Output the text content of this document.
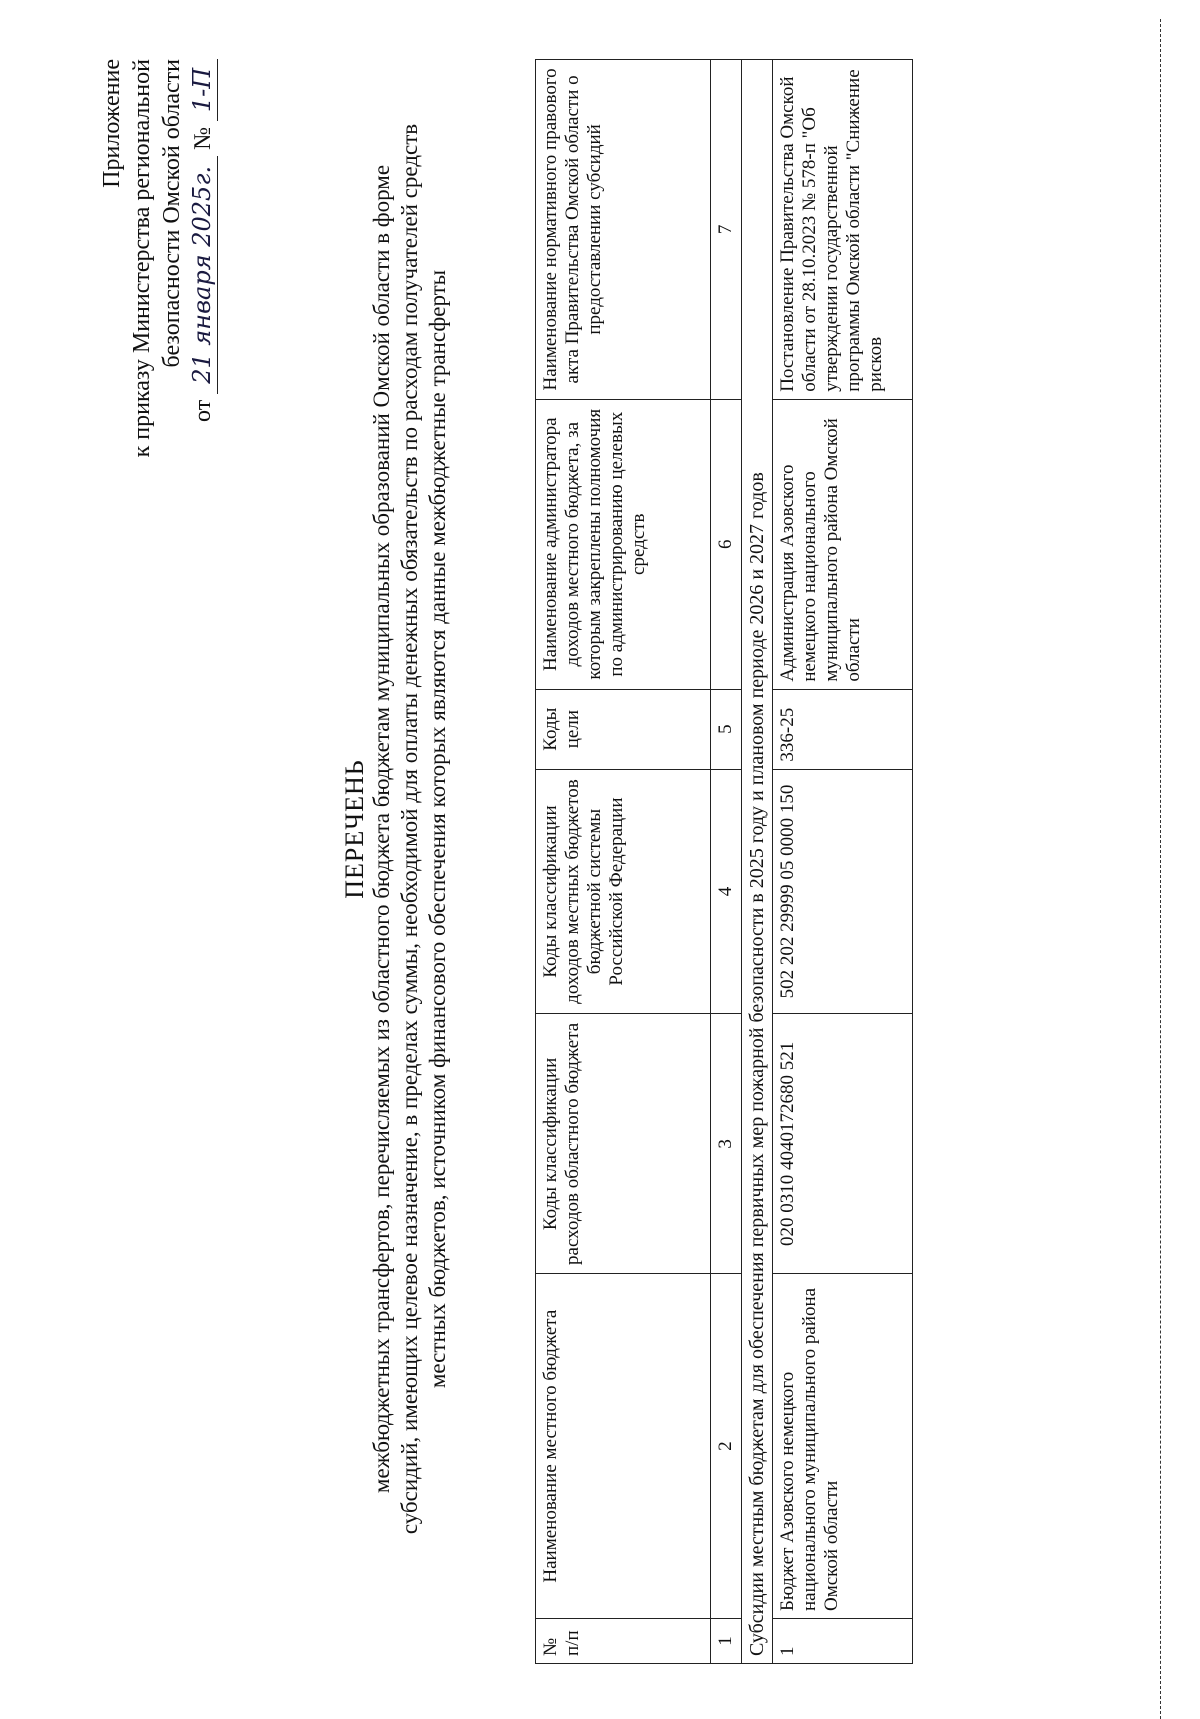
Приложение к приказу Министерства региональной безопасности Омской области
от 21 января 2025г. № 1-П
ПЕРЕЧЕНЬ межбюджетных трансфертов, перечисляемых из областного бюджета бюджетам муниципальных образований Омской области в форме субсидий, имеющих целевое назначение, в пределах суммы, необходимой для оплаты денежных обязательств по расходам получателей средств местных бюджетов, источником финансового обеспечения которых являются данные межбюджетные трансферты
№ п/п	Наименование местного бюджета	Коды классификации расходов областного бюджета	Коды классификации доходов местных бюджетов бюджетной системы Российской Федерации	Коды цели	Наименование администратора доходов местного бюджета, за которым закреплены полномочия по администрированию целевых средств	Наименование нормативного правового акта Правительства Омской области о предоставлении субсидий
1	2	3	4	5	6	7
Субсидии местным бюджетам для обеспечения первичных мер пожарной безопасности в 2025 году и плановом периоде 2026 и 2027 годов						
1	Бюджет Азовского немецкого национального муниципального района Омской области	020 0310 4040172680 521	502 202 29999 05 0000 150	336-25	Администрация Азовского немецкого национального муниципального района Омской области	Постановление Правительства Омской области от 28.10.2023 № 578-п "Об утверждении государственной программы Омской области "Снижение рисков
